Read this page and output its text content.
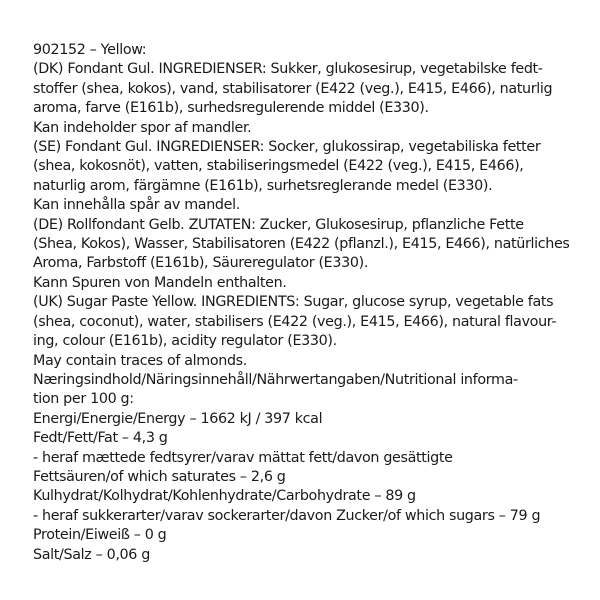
902152 – Yellow:
(DK) Fondant Gul. INGREDIENSER: Sukker, glukosesirup, vegetabilske fedt-
stoffer (shea, kokos), vand, stabilisatorer (E422 (veg.), E415, E466), naturlig
aroma, farve (E161b), surhedsregulerende middel (E330).
Kan indeholder spor af mandler.
(SE) Fondant Gul. INGREDIENSER: Socker, glukossirap, vegetabiliska fetter
(shea, kokosnöt), vatten, stabiliseringsmedel (E422 (veg.), E415, E466),
naturlig arom, färgämne (E161b), surhetsreglerande medel (E330).
Kan innehålla spår av mandel.
(DE) Rollfondant Gelb. ZUTATEN: Zucker, Glukosesirup, pflanzliche Fette
(Shea, Kokos), Wasser, Stabilisatoren (E422 (pflanzl.), E415, E466), natürliches
Aroma, Farbstoff (E161b), Säureregulator (E330).
Kann Spuren von Mandeln enthalten.
(UK) Sugar Paste Yellow. INGREDIENTS: Sugar, glucose syrup, vegetable fats
(shea, coconut), water, stabilisers (E422 (veg.), E415, E466), natural flavour-
ing, colour (E161b), acidity regulator (E330).
May contain traces of almonds.
Næringsindhold/Näringsinnehåll/Nährwertangaben/Nutritional informa-
tion per 100 g:
Energi/Energie/Energy – 1662 kJ / 397 kcal
Fedt/Fett/Fat – 4,3 g
- heraf mættede fedtsyrer/varav mättat fett/davon gesättigte
Fettsäuren/of which saturates – 2,6 g
Kulhydrat/Kolhydrat/Kohlenhydrate/Carbohydrate – 89 g
- heraf sukkerarter/varav sockerarter/davon Zucker/of which sugars – 79 g
Protein/Eiweiß – 0 g
Salt/Salz – 0,06 g
